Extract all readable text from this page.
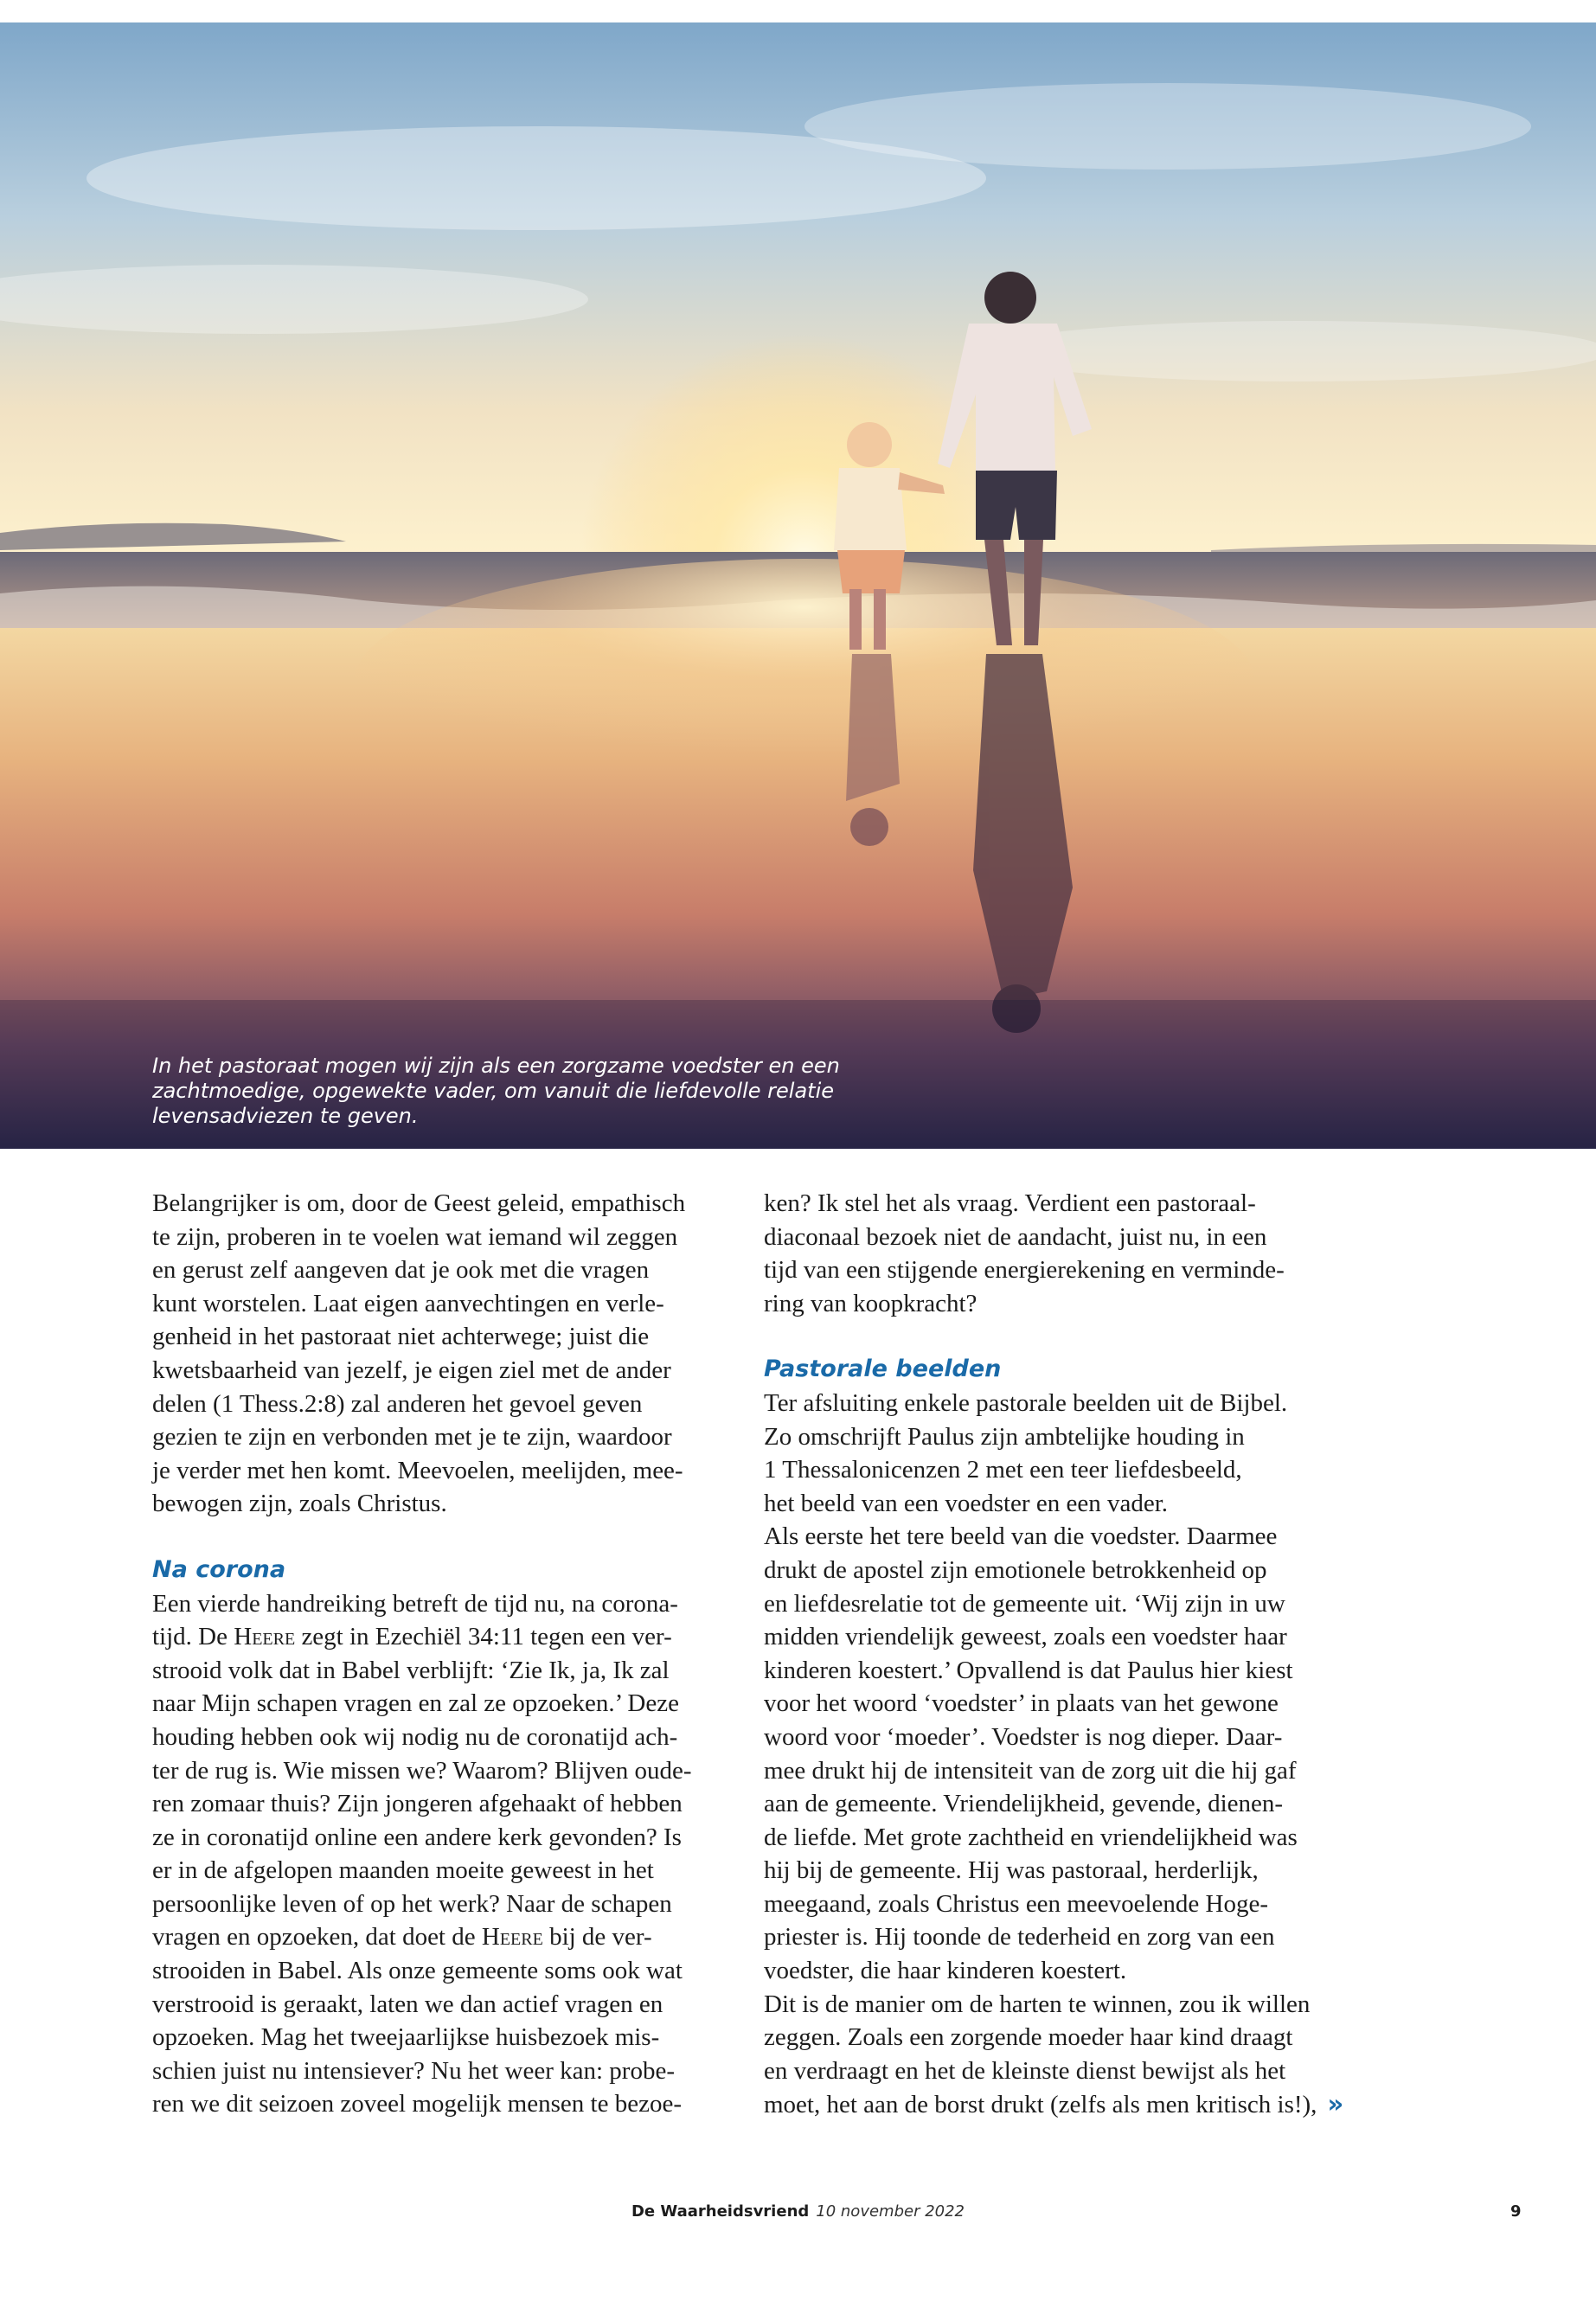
In het pastoraat mogen wij zijn als een zorgzame voedster en een
zachtmoedige, opgewekte vader, om vanuit die liefdevolle relatie
levensadviezen te geven.
Belangrijker is om, door de Geest geleid, empathisch
te zijn, proberen in te voelen wat iemand wil zeggen
en gerust zelf aangeven dat je ook met die vragen
kunt worstelen. Laat eigen aanvechtingen en verle-
genheid in het pastoraat niet achterwege; juist die
kwetsbaarheid van jezelf, je eigen ziel met de ander
delen (1 Thess.2:8) zal anderen het gevoel geven
gezien te zijn en verbonden met je te zijn, waardoor
je verder met hen komt. Meevoelen, meelijden, mee-
bewogen zijn, zoals Christus.
Na corona
Een vierde handreiking betreft de tijd nu, na corona-
tijd. De Heere zegt in Ezechiël 34:11 tegen een ver-
strooid volk dat in Babel verblijft: ‘Zie Ik, ja, Ik zal
naar Mijn schapen vragen en zal ze opzoeken.’ Deze
houding hebben ook wij nodig nu de coronatijd ach-
ter de rug is. Wie missen we? Waarom? Blijven oude-
ren zomaar thuis? Zijn jongeren afgehaakt of hebben
ze in coronatijd online een andere kerk gevonden? Is
er in de afgelopen maanden moeite geweest in het
persoonlijke leven of op het werk? Naar de schapen
vragen en opzoeken, dat doet de Heere bij de ver-
strooiden in Babel. Als onze gemeente soms ook wat
verstrooid is geraakt, laten we dan actief vragen en
opzoeken. Mag het tweejaarlijkse huisbezoek mis-
schien juist nu intensiever? Nu het weer kan: probe-
ren we dit seizoen zoveel mogelijk mensen te bezoe-
ken? Ik stel het als vraag. Verdient een pastoraal-
diaconaal bezoek niet de aandacht, juist nu, in een
tijd van een stijgende energierekening en verminde-
ring van koopkracht?
Pastorale beelden
Ter afsluiting enkele pastorale beelden uit de Bijbel.
Zo omschrijft Paulus zijn ambtelijke houding in
1 Thessalonicenzen 2 met een teer liefdesbeeld,
het beeld van een voedster en een vader.
Als eerste het tere beeld van die voedster. Daarmee
drukt de apostel zijn emotionele betrokkenheid op
en liefdesrelatie tot de gemeente uit. ‘Wij zijn in uw
midden vriendelijk geweest, zoals een voedster haar
kinderen koestert.’ Opvallend is dat Paulus hier kiest
voor het woord ‘voedster’ in plaats van het gewone
woord voor ‘moeder’. Voedster is nog dieper. Daar-
mee drukt hij de intensiteit van de zorg uit die hij gaf
aan de gemeente. Vriendelijkheid, gevende, dienen-
de liefde. Met grote zachtheid en vriendelijkheid was
hij bij de gemeente. Hij was pastoraal, herderlijk,
meegaand, zoals Christus een meevoelende Hoge-
priester is. Hij toonde de tederheid en zorg van een
voedster, die haar kinderen koestert.
Dit is de manier om de harten te winnen, zou ik willen
zeggen. Zoals een zorgende moeder haar kind draagt
en verdraagt en het de kleinste dienst bewijst als het
moet, het aan de borst drukt (zelfs als men kritisch is!), »
De Waarheidsvriend 10 november 2022	9
